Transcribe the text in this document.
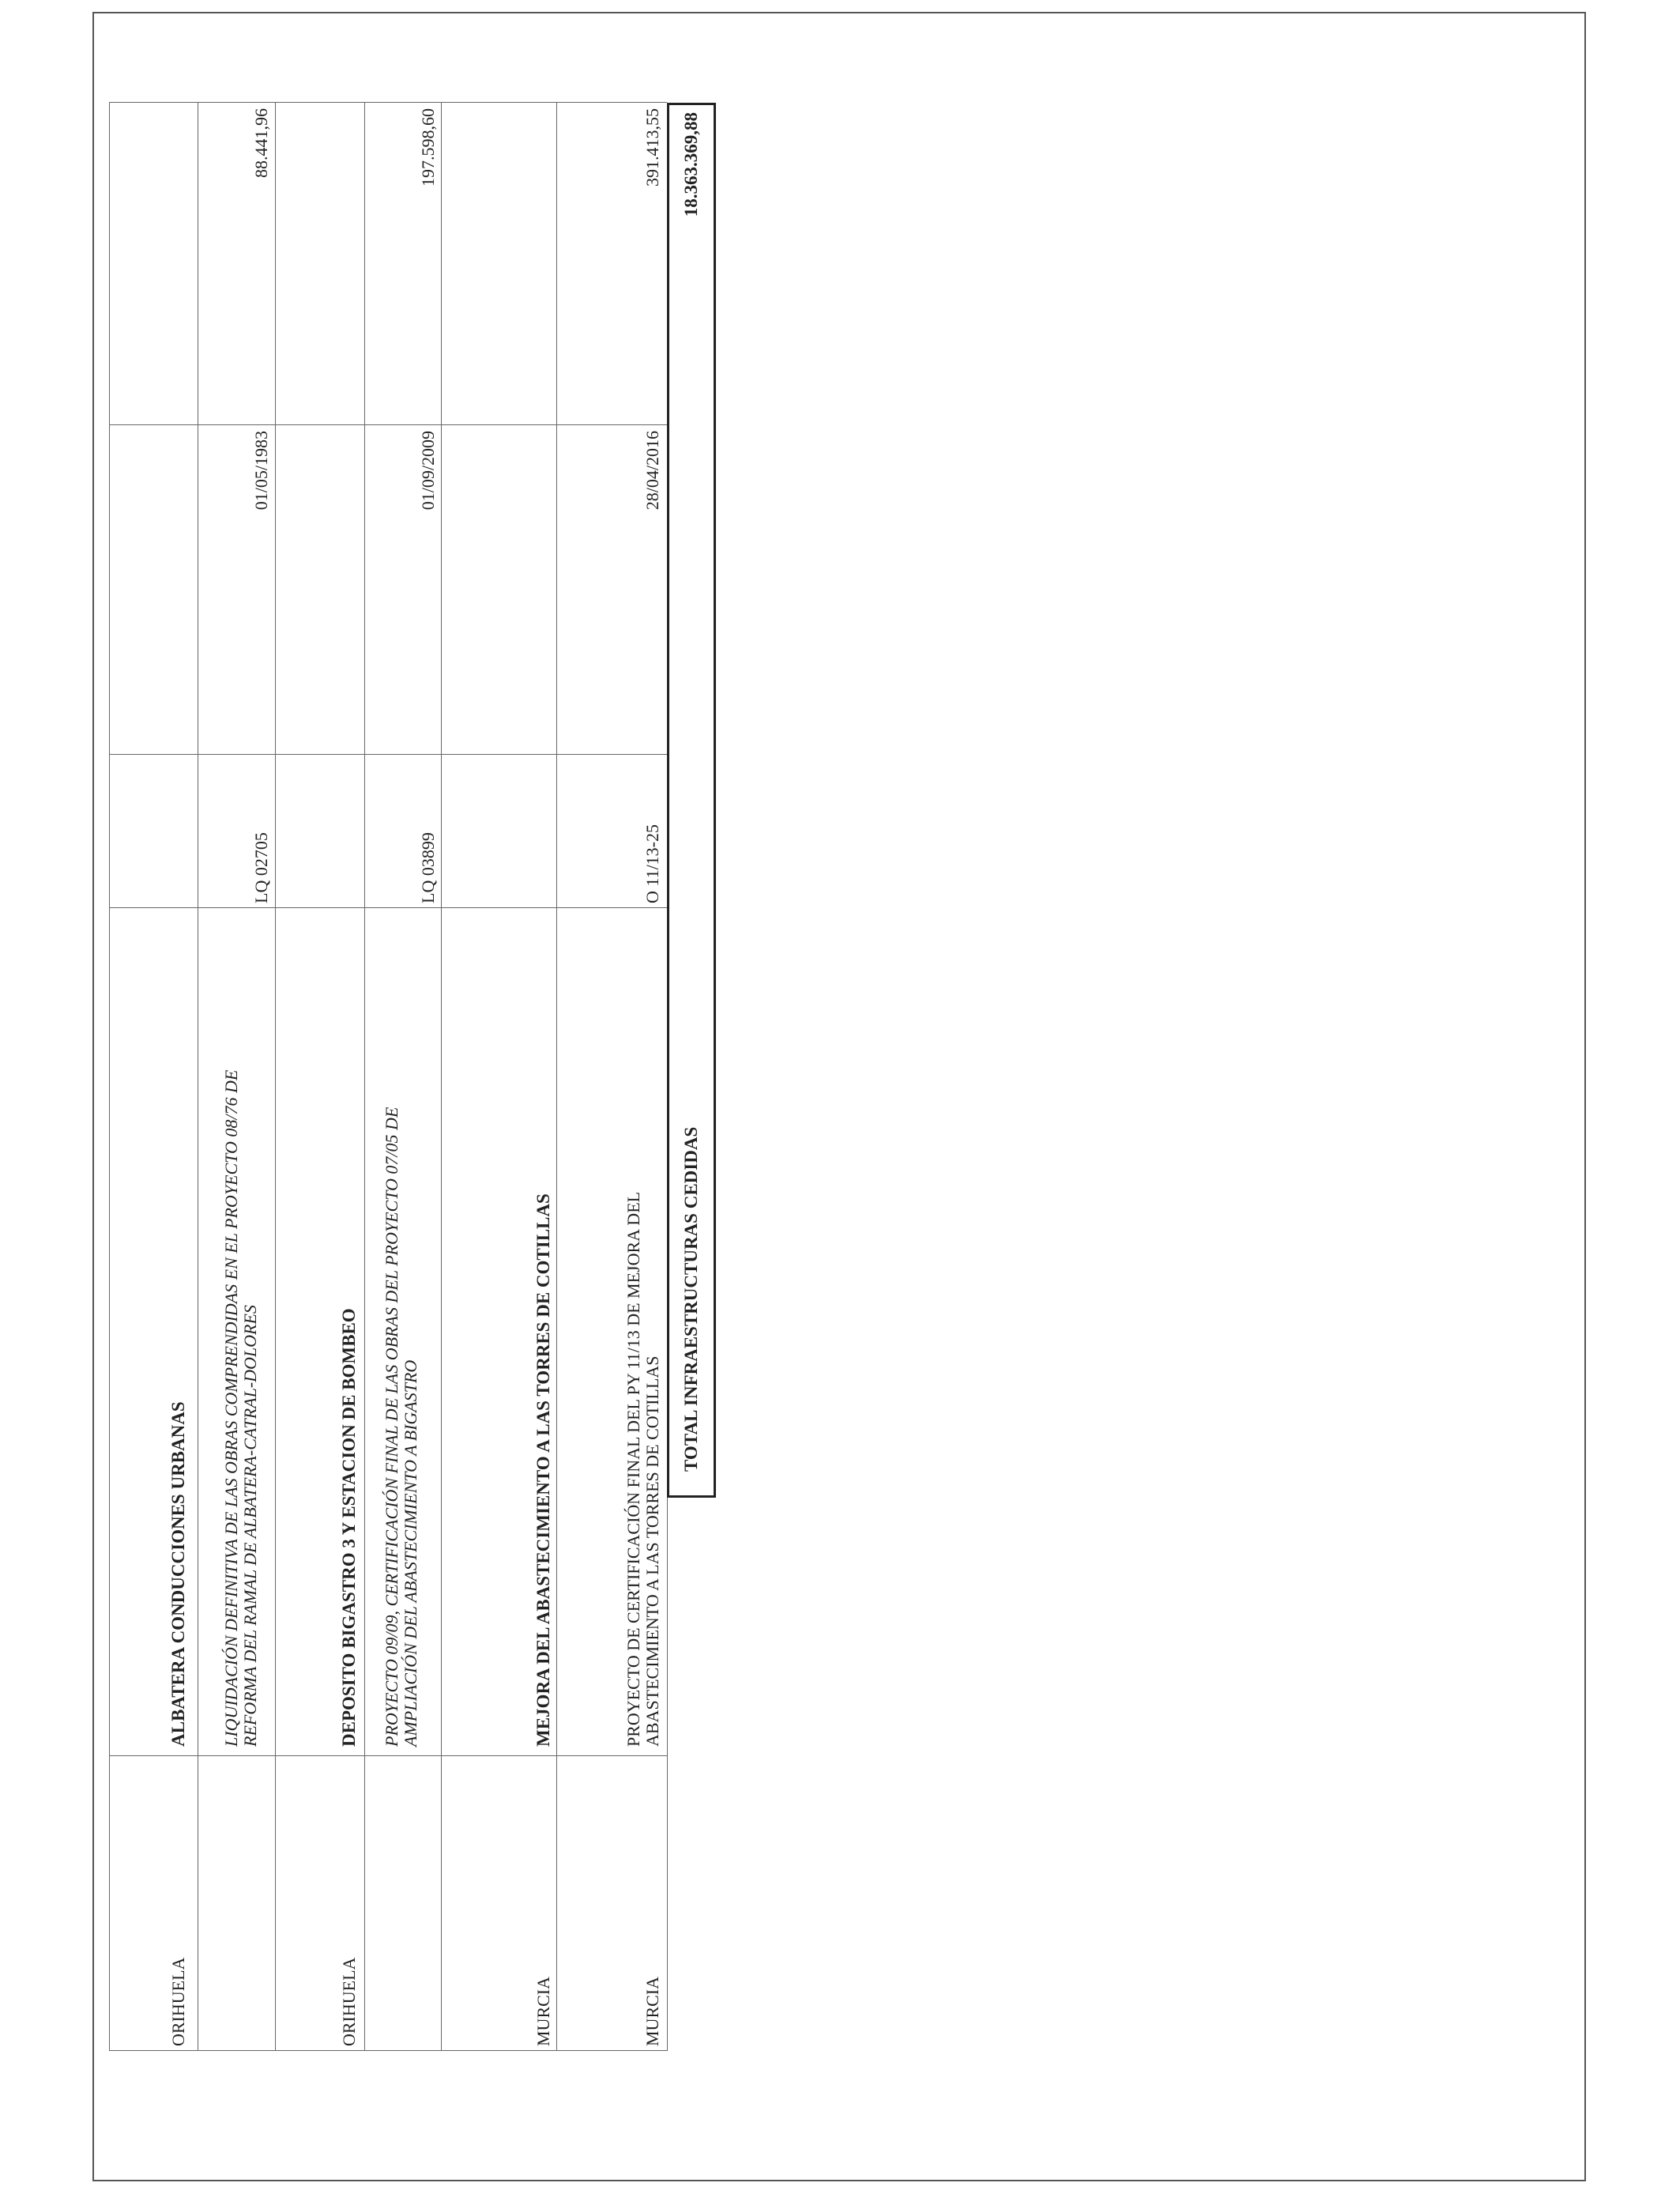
ORIHUELA
ALBATERA CONDUCCIONES URBANAS LIQUIDACIÓN DEFINITIVA DE LAS OBRAS COMPRENDIDAS EN EL PROYECTO 08/76 DE REFORMA DEL RAMAL DE ALBATERA-CATRAL-DOLORES
LQ 02705
01/05/1983
88.441,96
ORIHUELA
DEPOSITO BIGASTRO 3 Y ESTACION DE BOMBEO PROYECTO 09/09, CERTIFICACIÓN FINAL DE LAS OBRAS DEL PROYECTO 07/05 DE AMPLIACIÓN DEL ABASTECIMIENTO A BIGASTRO
LQ 03899
01/09/2009
197.598,60
MURCIA
MEJORA DEL ABASTECIMIENTO A LAS TORRES DE COTILLAS
MURCIA
PROYECTO DE CERTIFICACIÓN FINAL DEL PY 11/13 DE MEJORA DEL ABASTECIMIENTO A LAS TORRES DE COTILLAS
O 11/13-25
28/04/2016
391.413,55
TOTAL INFRAESTRUCTURAS CEDIDAS
18.363.369,88
